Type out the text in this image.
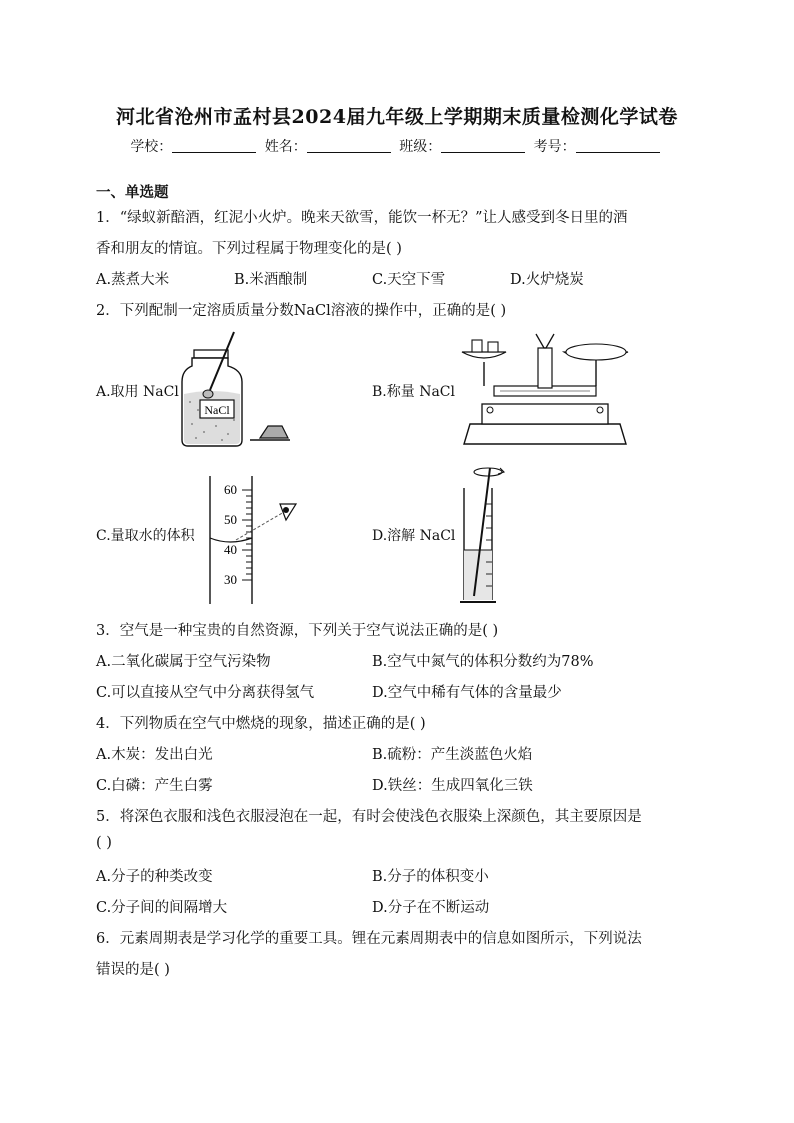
河北省沧州市孟村县2024届九年级上学期期末质量检测化学试卷
学校：	姓名：	班级：	考号：
一、单选题
1．“绿蚁新醅酒，红泥小火炉。晚来天欲雪，能饮一杯无？”让人感受到冬日里的酒
香和朋友的情谊。下列过程属于物理变化的是( )
A.蒸煮大米	B.米酒酿制	C.天空下雪	D.火炉烧炭
2．下列配制一定溶质质量分数NaCl溶液的操作中，正确的是( )
A.取用 NaCl
NaCl
B.称量 NaCl
C.量取水的体积
60
50
40
30
D.溶解 NaCl
3．空气是一种宝贵的自然资源，下列关于空气说法正确的是( )
A.二氧化碳属于空气污染物	B.空气中氮气的体积分数约为78%
C.可以直接从空气中分离获得氢气	D.空气中稀有气体的含量最少
4．下列物质在空气中燃烧的现象，描述正确的是( )
A.木炭：发出白光	B.硫粉：产生淡蓝色火焰
C.白磷：产生白雾	D.铁丝：生成四氧化三铁
5．将深色衣服和浅色衣服浸泡在一起，有时会使浅色衣服染上深颜色，其主要原因是
( )
A.分子的种类改变	B.分子的体积变小
C.分子间的间隔增大	D.分子在不断运动
6．元素周期表是学习化学的重要工具。锂在元素周期表中的信息如图所示，下列说法
错误的是( )
